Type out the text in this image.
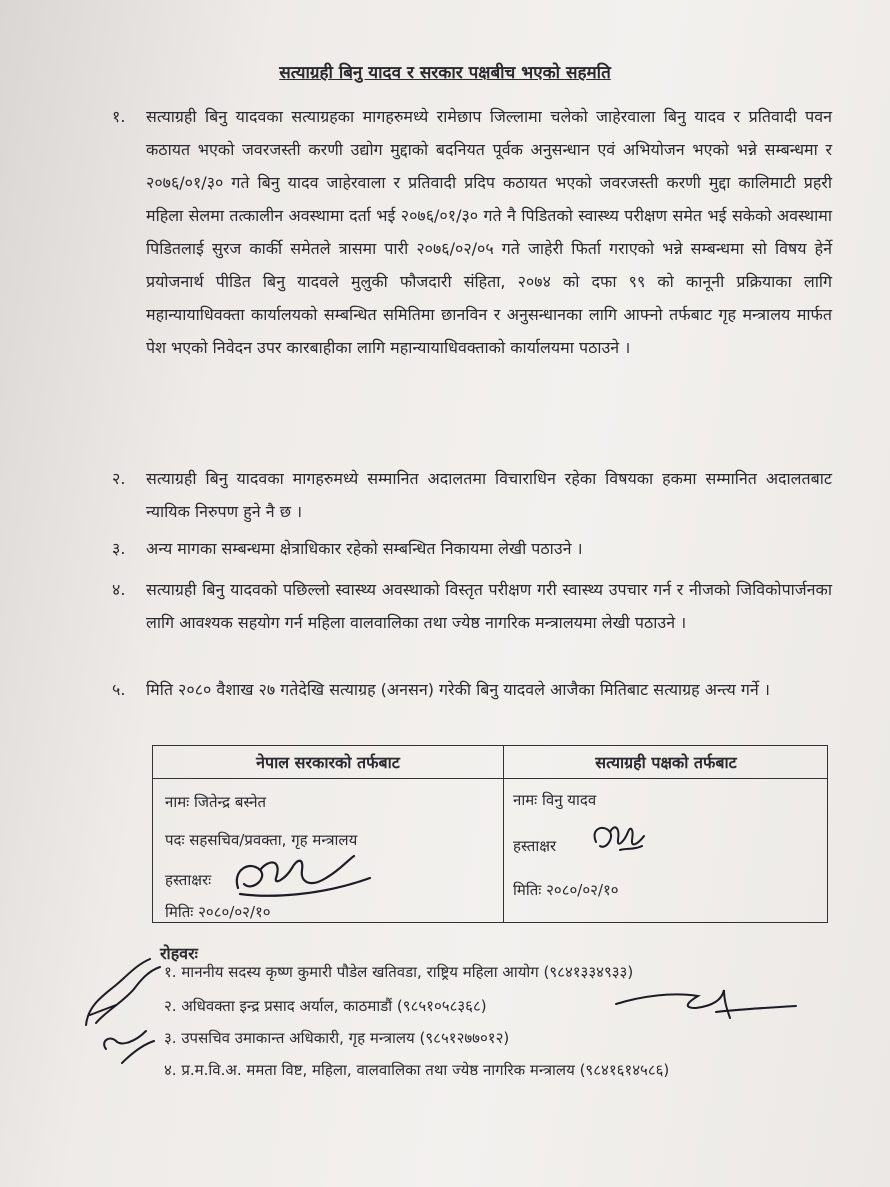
सत्याग्रही बिनु यादव र सरकार पक्षबीच भएको सहमति
१.	सत्याग्रही बिनु यादवका सत्याग्रहका मागहरुमध्ये रामेछाप जिल्लामा चलेको जाहेरवाला बिनु यादव र प्रतिवादी पवन कठायत भएको जवरजस्ती करणी उद्योग मुद्दाको बदनियत पूर्वक अनुसन्धान एवं अभियोजन भएको भन्ने सम्बन्धमा र २०७६/०१/३० गते बिनु यादव जाहेरवाला र प्रतिवादी प्रदिप कठायत भएको जवरजस्ती करणी मुद्दा कालिमाटी प्रहरी महिला सेलमा तत्कालीन अवस्थामा दर्ता भई २०७६/०१/३० गते नै पिडितको स्वास्थ्य परीक्षण समेत भई सकेको अवस्थामा पिडितलाई सुरज कार्की समेतले त्रासमा पारी २०७६/०२/०५ गते जाहेरी फिर्ता गराएको भन्ने सम्बन्धमा सो विषय हेर्ने प्रयोजनार्थ पीडित बिनु यादवले मुलुकी फौजदारी संहिता, २०७४ को दफा ९९ को कानूनी प्रक्रियाका लागि महान्यायाधिवक्ता कार्यालयको सम्बन्धित समितिमा छानविन र अनुसन्धानका लागि आफ्नो तर्फबाट गृह मन्त्रालय मार्फत पेश भएको निवेदन उपर कारबाहीका लागि महान्यायाधिवक्ताको कार्यालयमा पठाउने ।
२.	सत्याग्रही बिनु यादवका मागहरुमध्ये सम्मानित अदालतमा विचाराधिन रहेका विषयका हकमा सम्मानित अदालतबाट न्यायिक निरुपण हुने नै छ ।
३.	अन्य मागका सम्बन्धमा क्षेत्राधिकार रहेको सम्बन्धित निकायमा लेखी पठाउने ।
४.	सत्याग्रही बिनु यादवको पछिल्लो स्वास्थ्य अवस्थाको विस्तृत परीक्षण गरी स्वास्थ्य उपचार गर्न र नीजको जिविकोपार्जनका लागि आवश्यक सहयोग गर्न महिला वालवालिका तथा ज्येष्ठ नागरिक मन्त्रालयमा लेखी पठाउने ।
५.	मिति २०८० वैशाख २७ गतेदेखि सत्याग्रह (अनसन) गरेकी बिनु यादवले आजैका मितिबाट सत्याग्रह अन्त्य गर्ने ।
नेपाल सरकारको तर्फबाट	सत्याग्रही पक्षको तर्फबाट
नामः जितेन्द्र बस्नेत
पदः सहसचिव/प्रवक्ता, गृह मन्त्रालय
हस्ताक्षरः
मितिः २०८०/०२/१०
नामः विनु यादव
हस्ताक्षर
मितिः २०८०/०२/१०
रोहवरः
१. माननीय सदस्य कृष्ण कुमारी पौडेल खतिवडा, राष्ट्रिय महिला आयोग (९८४१३३४९३३)
२. अधिवक्ता इन्द्र प्रसाद अर्याल, काठमाडौं (९८५१०५८३६८)
३. उपसचिव उमाकान्त अधिकारी, गृह मन्त्रालय (९८५१२७७०१२)
४. प्र.म.वि.अ. ममता विष्ट, महिला, वालवालिका तथा ज्येष्ठ नागरिक मन्त्रालय (९८४१६१४५८६)
